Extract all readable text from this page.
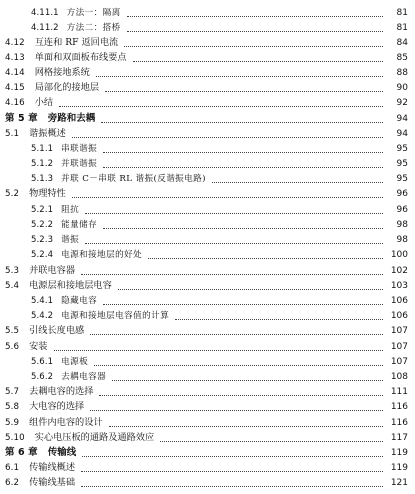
4.11.1 方法一：隔离	81
4.11.2 方法二：搭桥	81
4.12 互连和 RF 返回电流	84
4.13 单面和双面板布线要点	85
4.14 网格接地系统	88
4.15 局部化的接地层	90
4.16 小结	92
第 5 章 旁路和去耦	94
5.1 谐振概述	94
5.1.1 串联谐振	95
5.1.2 并联谐振	95
5.1.3 并联 C－串联 RL 谐振(反谐振电路)	95
5.2 物理特性	96
5.2.1 阻抗	96
5.2.2 能量储存	98
5.2.3 谐振	98
5.2.4 电源和接地层的好处	100
5.3 并联电容器	102
5.4 电源层和接地层电容	103
5.4.1 隐藏电容	106
5.4.2 电源和接地层电容值的计算	106
5.5 引线长度电感	107
5.6 安装	107
5.6.1 电源板	107
5.6.2 去耦电容器	108
5.7 去耦电容的选择	111
5.8 大电容的选择	116
5.9 组件内电容的设计	116
5.10 实心电压板的通路及通路效应	117
第 6 章 传输线	119
6.1 传输线概述	119
6.2 传输线基础	121
